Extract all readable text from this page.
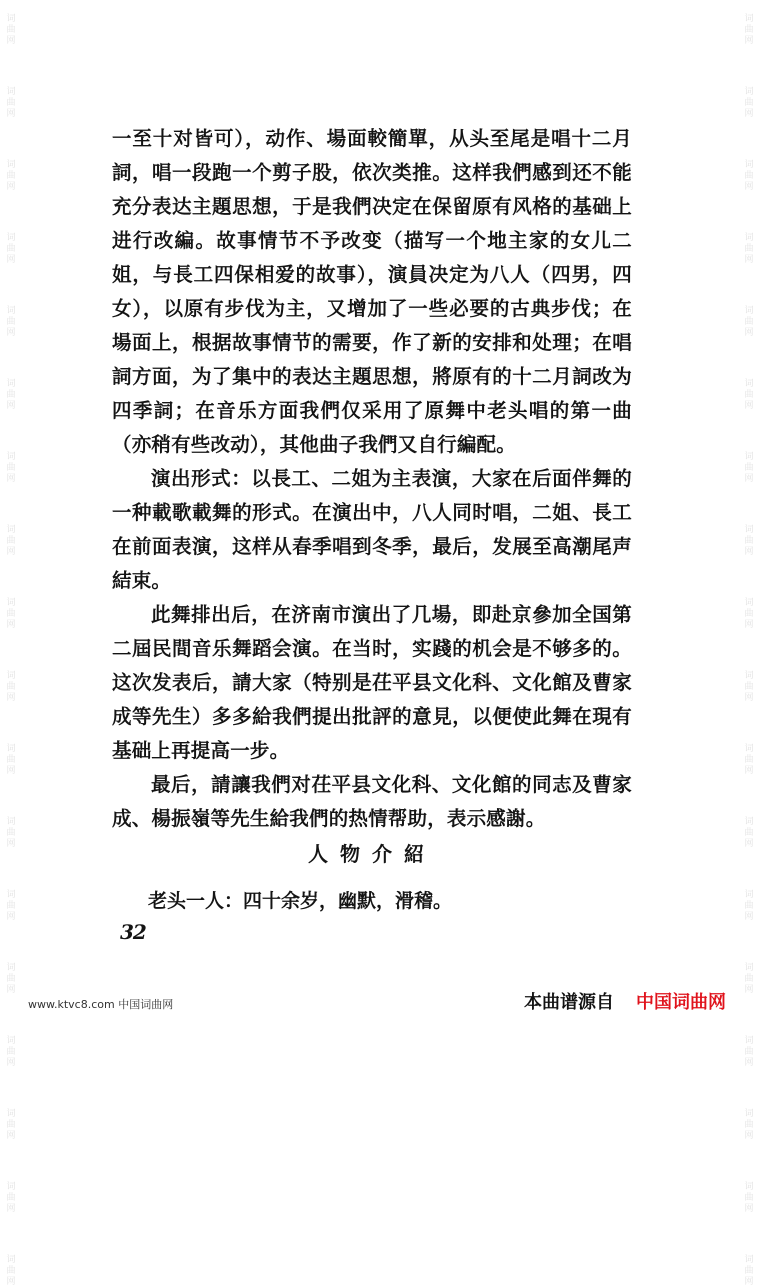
词
曲
网
词
曲
网
词
曲
网
词
曲
网
词
曲
网
词
曲
网
词
曲
网
词
曲
网
词
曲
网
词
曲
网
词
曲
网
词
曲
网
词
曲
网
词
曲
网
词
曲
网
词
曲
网
词
曲
网
词
曲
网
词
曲
网
词
曲
网
词
曲
网
词
曲
网
词
曲
网
词
曲
网
词
曲
网
词
曲
网
词
曲
网
词
曲
网
词
曲
网
词
曲
网
词
曲
网
词
曲
网
词
曲
网
词
曲
网
词
曲
网
词
曲
网

一至十对皆可），动作、場面較簡單，从头至尾是唱十二月詞，唱一段跑一个剪子股，依次类推。这样我們感到还不能充分表达主題思想，于是我們决定在保留原有风格的基础上进行改編。故事情节不予改变（描写一个地主家的女儿二姐，与長工四保相爱的故事），演員决定为八人（四男，四女），以原有步伐为主，又增加了一些必要的古典步伐；在場面上，根据故事情节的需要，作了新的安排和处理；在唱詞方面，为了集中的表达主題思想，將原有的十二月詞改为四季詞；在音乐方面我們仅采用了原舞中老头唱的第一曲（亦稍有些改动），其他曲子我們又自行編配。

演出形式：以長工、二姐为主表演，大家在后面伴舞的一种載歌載舞的形式。在演出中，八人同时唱，二姐、長工在前面表演，这样从春季唱到冬季，最后，发展至高潮尾声結束。

此舞排出后，在济南市演出了几場，即赴京參加全国第二屆民間音乐舞蹈会演。在当时，实踐的机会是不够多的。这次发表后，請大家（特别是茌平县文化科、文化館及曹家成等先生）多多給我們提出批評的意見，以便使此舞在現有基础上再提高一步。

最后，請讓我們对茌平县文化科、文化館的同志及曹家成、楊振嶺等先生給我們的热情帮助，表示感謝。

人物介紹
老头一人：四十余岁，幽默，滑稽。
32
www.ktvc8.com 中国词曲网	本曲谱源自 中国词曲网
